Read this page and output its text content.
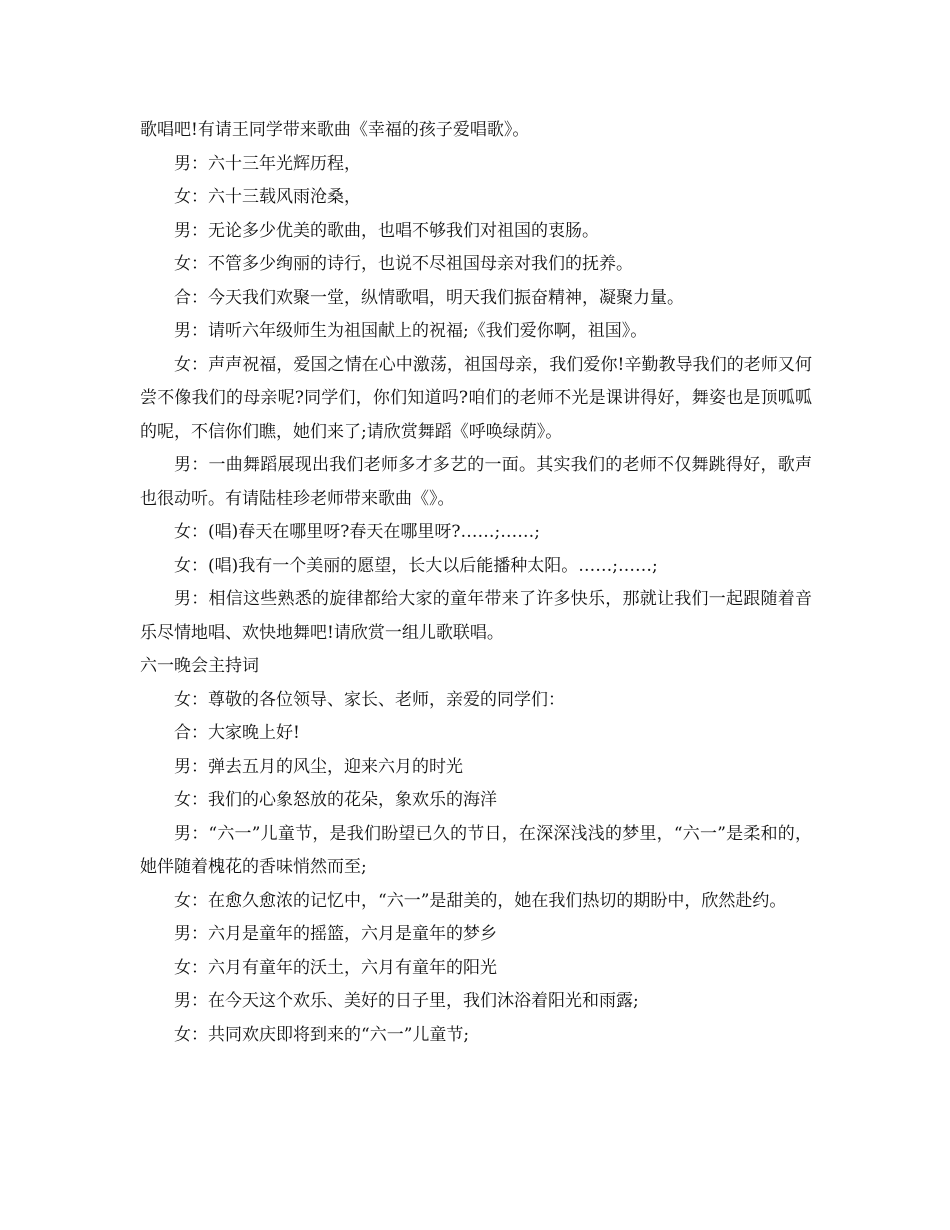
歌唱吧!有请王同学带来歌曲《幸福的孩子爱唱歌》。

男：六十三年光辉历程，

女：六十三载风雨沧桑，

男：无论多少优美的歌曲，也唱不够我们对祖国的衷肠。

女：不管多少绚丽的诗行，也说不尽祖国母亲对我们的抚养。

合：今天我们欢聚一堂，纵情歌唱，明天我们振奋精神，凝聚力量。

男：请听六年级师生为祖国献上的祝福;《我们爱你啊，祖国》。

女：声声祝福，爱国之情在心中激荡，祖国母亲，我们爱你!辛勤教导我们的老师又何尝不像我们的母亲呢?同学们，你们知道吗?咱们的老师不光是课讲得好，舞姿也是顶呱呱的呢，不信你们瞧，她们来了;请欣赏舞蹈《呼唤绿荫》。

男：一曲舞蹈展现出我们老师多才多艺的一面。其实我们的老师不仅舞跳得好，歌声也很动听。有请陆桂珍老师带来歌曲《》。

女：(唱)春天在哪里呀?春天在哪里呀?……;……;

女：(唱)我有一个美丽的愿望，长大以后能播种太阳。……;……;

男：相信这些熟悉的旋律都给大家的童年带来了许多快乐，那就让我们一起跟随着音乐尽情地唱、欢快地舞吧!请欣赏一组儿歌联唱。

六一晚会主持词

女：尊敬的各位领导、家长、老师，亲爱的同学们：

合：大家晚上好!

男：弹去五月的风尘，迎来六月的时光

女：我们的心象怒放的花朵，象欢乐的海洋

男：“六一”儿童节，是我们盼望已久的节日，在深深浅浅的梦里，“六一”是柔和的，她伴随着槐花的香味悄然而至;

女：在愈久愈浓的记忆中，“六一”是甜美的，她在我们热切的期盼中，欣然赴约。

男：六月是童年的摇篮，六月是童年的梦乡

女：六月有童年的沃土，六月有童年的阳光

男：在今天这个欢乐、美好的日子里，我们沐浴着阳光和雨露;

女：共同欢庆即将到来的“六一”儿童节;
